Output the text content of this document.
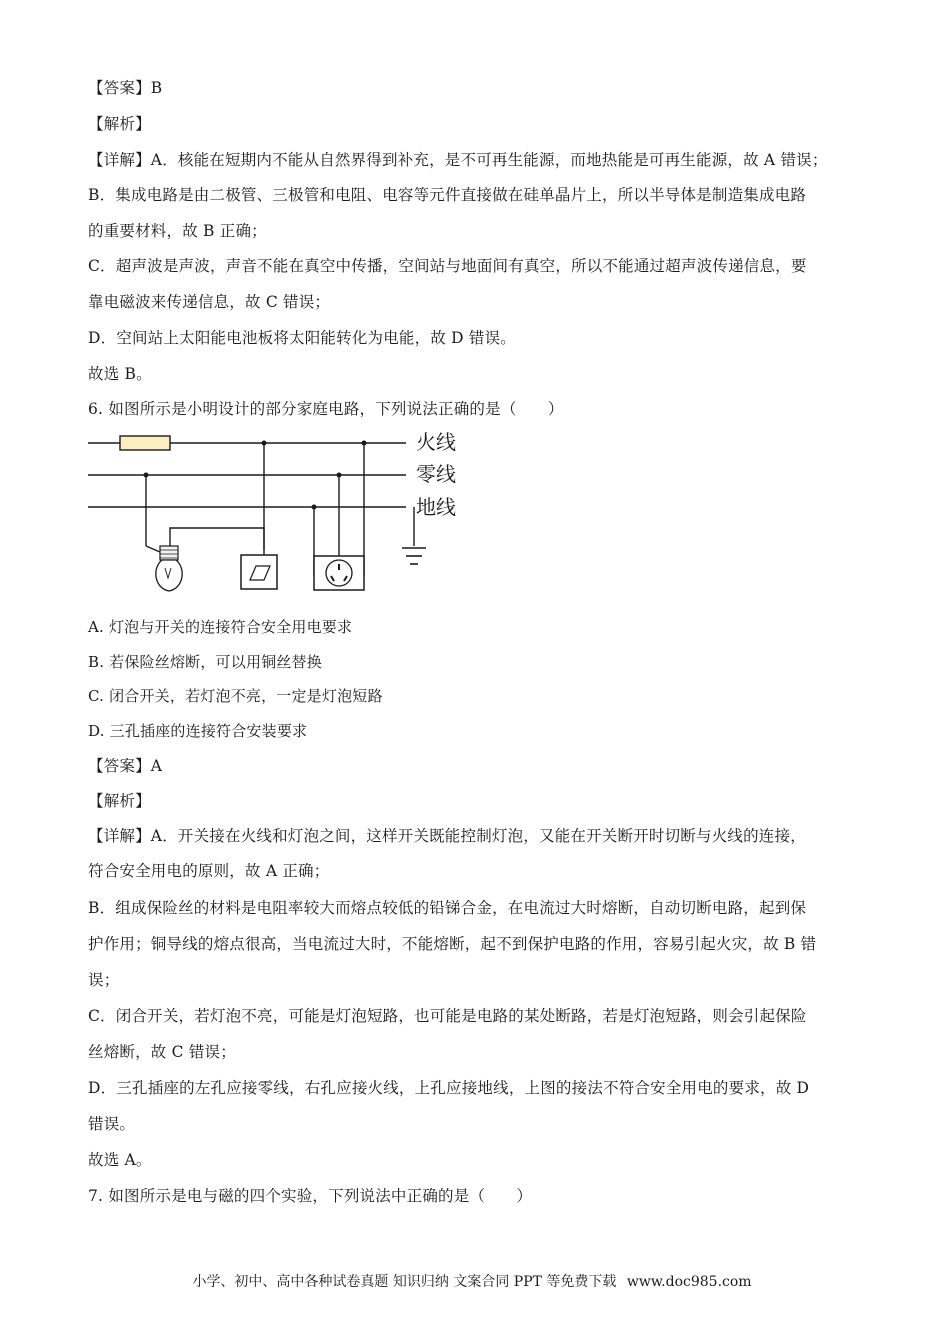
【答案】B
【解析】
【详解】A．核能在短期内不能从自然界得到补充，是不可再生能源，而地热能是可再生能源，故 A 错误；
B．集成电路是由二极管、三极管和电阻、电容等元件直接做在硅单晶片上，所以半导体是制造集成电路
的重要材料，故 B 正确；
C．超声波是声波，声音不能在真空中传播，空间站与地面间有真空，所以不能通过超声波传递信息，要
靠电磁波来传递信息，故 C 错误；
D．空间站上太阳能电池板将太阳能转化为电能，故 D 错误。
故选 B。
6. 如图所示是小明设计的部分家庭电路，下列说法正确的是（　　）
火线
零线
地线
A. 灯泡与开关的连接符合安全用电要求
B. 若保险丝熔断，可以用铜丝替换
C. 闭合开关，若灯泡不亮，一定是灯泡短路
D. 三孔插座的连接符合安装要求
【答案】A
【解析】
【详解】A．开关接在火线和灯泡之间，这样开关既能控制灯泡，又能在开关断开时切断与火线的连接，
符合安全用电的原则，故 A 正确；
B．组成保险丝的材料是电阻率较大而熔点较低的铅锑合金，在电流过大时熔断，自动切断电路，起到保
护作用；铜导线的熔点很高，当电流过大时，不能熔断，起不到保护电路的作用，容易引起火灾，故 B 错
误；
C．闭合开关，若灯泡不亮，可能是灯泡短路，也可能是电路的某处断路，若是灯泡短路，则会引起保险
丝熔断，故 C 错误；
D．三孔插座的左孔应接零线，右孔应接火线，上孔应接地线，上图的接法不符合安全用电的要求，故 D
错误。
故选 A。
7. 如图所示是电与磁的四个实验，下列说法中正确的是（　　）
小学、初中、高中各种试卷真题 知识归纳 文案合同 PPT 等免费下载 www.doc985.com
